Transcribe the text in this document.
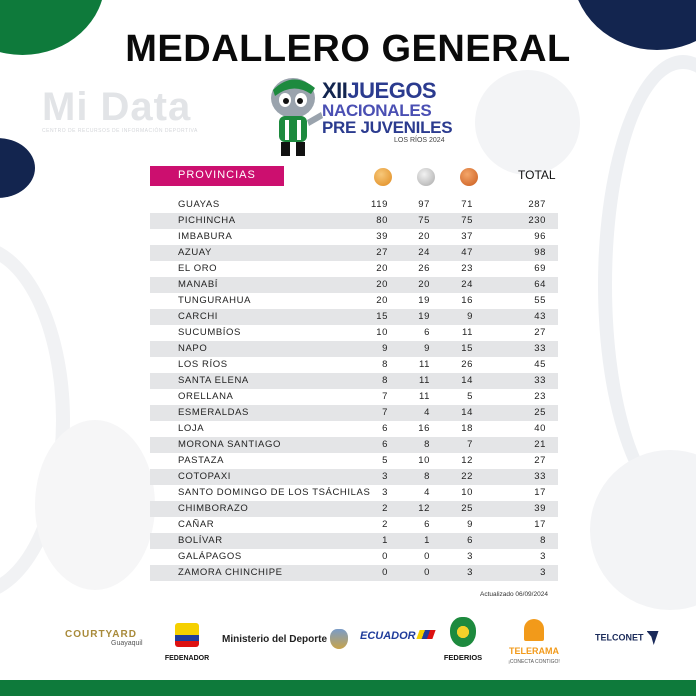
MEDALLERO GENERAL
Mi Data
CENTRO DE RECURSOS DE INFORMACIÓN DEPORTIVA
XIIJUEGOS
NACIONALES
PRE JUVENILES
LOS RÍOS 2024
PROVINCIAS	TOTAL
GUAYAS	119	97	71	287
PICHINCHA	80	75	75	230
IMBABURA	39	20	37	96
AZUAY	27	24	47	98
EL ORO	20	26	23	69
MANABÍ	20	20	24	64
TUNGURAHUA	20	19	16	55
CARCHI	15	19	9	43
SUCUMBÍOS	10	6	11	27
NAPO	9	9	15	33
LOS RÍOS	8	11	26	45
SANTA ELENA	8	11	14	33
ORELLANA	7	11	5	23
ESMERALDAS	7	4	14	25
LOJA	6	16	18	40
MORONA SANTIAGO	6	8	7	21
PASTAZA	5	10	12	27
COTOPAXI	3	8	22	33
SANTO DOMINGO DE LOS TSÁCHILAS	3	4	10	17
CHIMBORAZO	2	12	25	39
CAÑAR	2	6	9	17
BOLÍVAR	1	1	6	8
GALÁPAGOS	0	0	3	3
ZAMORA CHINCHIPE	0	0	3	3
Actualizado 06/09/2024
COURTYARD
Guayaquil
FEDENADOR
Ministerio del Deporte	ECUADOR
FEDERIOS
TELERAMA
¡CONECTA CONTIGO!
TELCONET
